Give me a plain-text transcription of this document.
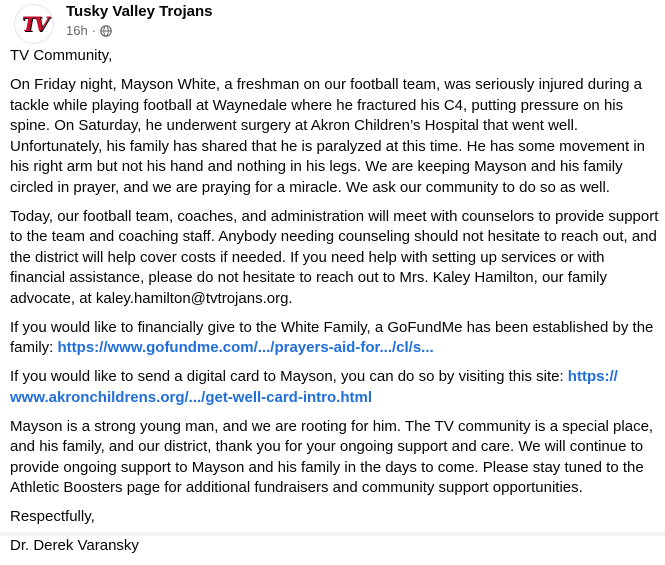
TV
Tusky Valley Trojans
16h ·

TV Community,

On Friday night, Mayson White, a freshman on our football team, was seriously injured during a tackle while playing football at Waynedale where he fractured his C4, putting pressure on his spine. On Saturday, he underwent surgery at Akron Children’s Hospital that went well. Unfortunately, his family has shared that he is paralyzed at this time. He has some movement in his right arm but not his hand and nothing in his legs. We are keeping Mayson and his family circled in prayer, and we are praying for a miracle. We ask our community to do so as well.

Today, our football team, coaches, and administration will meet with counselors to provide support to the team and coaching staff. Anybody needing counseling should not hesitate to reach out, and the district will help cover costs if needed. If you need help with setting up services or with financial assistance, please do not hesitate to reach out to Mrs. Kaley Hamilton, our family advocate, at kaley.hamilton@tvtrojans.org.

If you would like to financially give to the White Family, a GoFundMe has been established by the family: https://www.gofundme.com/.../prayers-aid-for.../cl/s...

If you would like to send a digital card to Mayson, you can do so by visiting this site: https:// www.akronchildrens.org/.../get-well-card-intro.html

Mayson is a strong young man, and we are rooting for him. The TV community is a special place, and his family, and our district, thank you for your ongoing support and care. We will continue to provide ongoing support to Mayson and his family in the days to come. Please stay tuned to the Athletic Boosters page for additional fundraisers and community support opportunities.

Respectfully,

Dr. Derek Varansky
